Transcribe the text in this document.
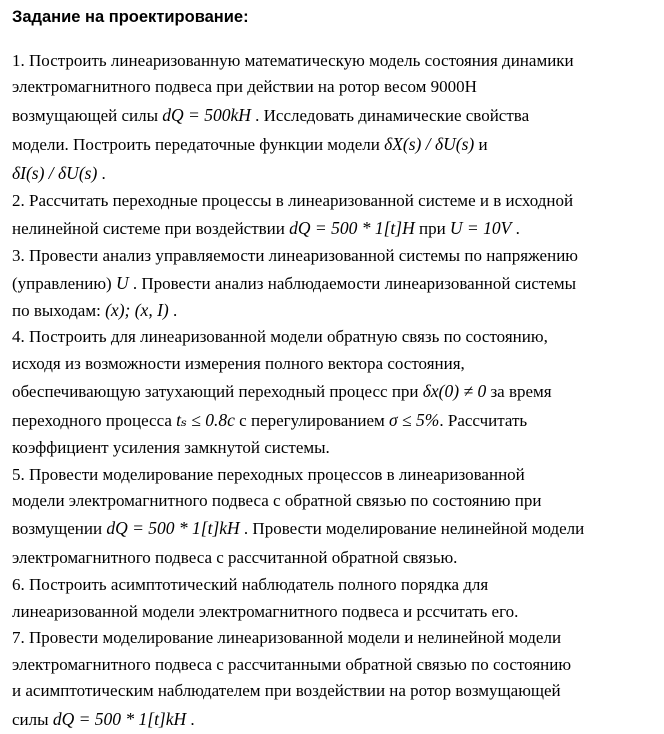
Задание на проектирование:
1. Построить линеаризованную математическую модель состояния динамики
электромагнитного подвеса при действии на ротор весом 9000Н
возмущающей силы dQ = 500kH . Исследовать динамические свойства
модели. Построить передаточные функции модели δX(s) / δU(s) и
δI(s) / δU(s) .
2. Рассчитать переходные процессы в линеаризованной системе и в исходной
нелинейной системе при воздействии dQ = 500 * 1[t]H при U = 10V .
3. Провести анализ управляемости линеаризованной системы по напряжению
(управлению) U . Провести анализ наблюдаемости линеаризованной системы
по выходам: (x); (x, I) .
4. Построить для линеаризованной модели обратную связь по состоянию,
исходя из возможности измерения полного вектора состояния,
обеспечивающую затухающий переходный процесс при δx(0) ≠ 0 за время
переходного процесса tₛ ≤ 0.8с с перегулированием σ ≤ 5%. Рассчитать
коэффициент усиления замкнутой системы.
5. Провести моделирование переходных процессов в линеаризованной
модели электромагнитного подвеса с обратной связью по состоянию при
возмущении dQ = 500 * 1[t]kH . Провести моделирование нелинейной модели
электромагнитного подвеса с рассчитанной обратной связью.
6. Построить асимптотический наблюдатель полного порядка для
линеаризованной модели электромагнитного подвеса и рссчитать его.
7. Провести моделирование линеаризованной модели и нелинейной модели
электромагнитного подвеса с рассчитанными обратной связью по состоянию
и асимптотическим наблюдателем при воздействии на ротор возмущающей
силы dQ = 500 * 1[t]kH .
